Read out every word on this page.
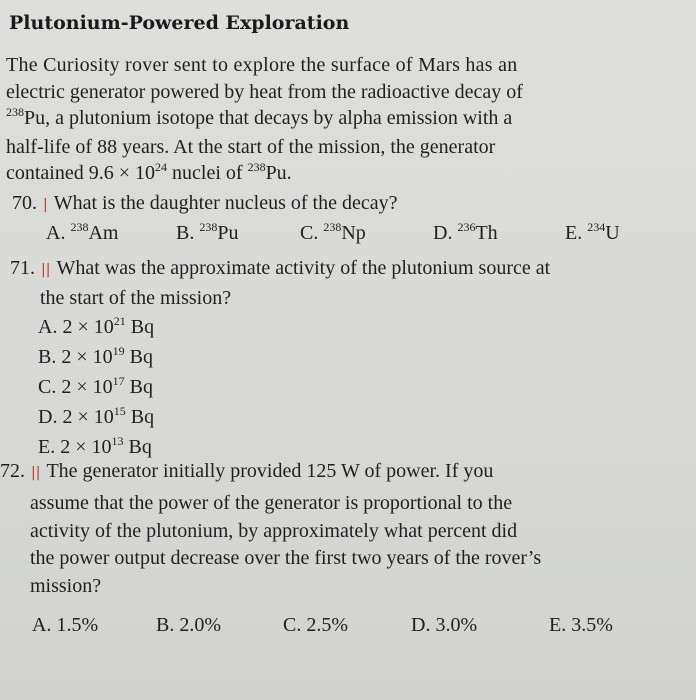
Plutonium-Powered Exploration
The Curiosity rover sent to explore the surface of Mars has an
electric generator powered by heat from the radioactive decay of
$^{238}$Pu, a plutonium isotope that decays by alpha emission with a
half-life of 88 years. At the start of the mission, the generator
contained $9.6 \times 10^{24}$ nuclei of $^{238}$Pu.
70. | What is the daughter nucleus of the decay?
A. $^{238}$Am	B. $^{238}$Pu	C. $^{238}$Np	D. $^{236}$Th	E. $^{234}$U
71. || What was the approximate activity of the plutonium source at
the start of the mission?
A. $2 \times 10^{21}$ Bq
B. $2 \times 10^{19}$ Bq
C. $2 \times 10^{17}$ Bq
D. $2 \times 10^{15}$ Bq
E. $2 \times 10^{13}$ Bq
72. || The generator initially provided 125 W of power. If you
assume that the power of the generator is proportional to the
activity of the plutonium, by approximately what percent did
the power output decrease over the first two years of the rover’s
mission?
A. 1.5%	B. 2.0%	C. 2.5%	D. 3.0%	E. 3.5%
